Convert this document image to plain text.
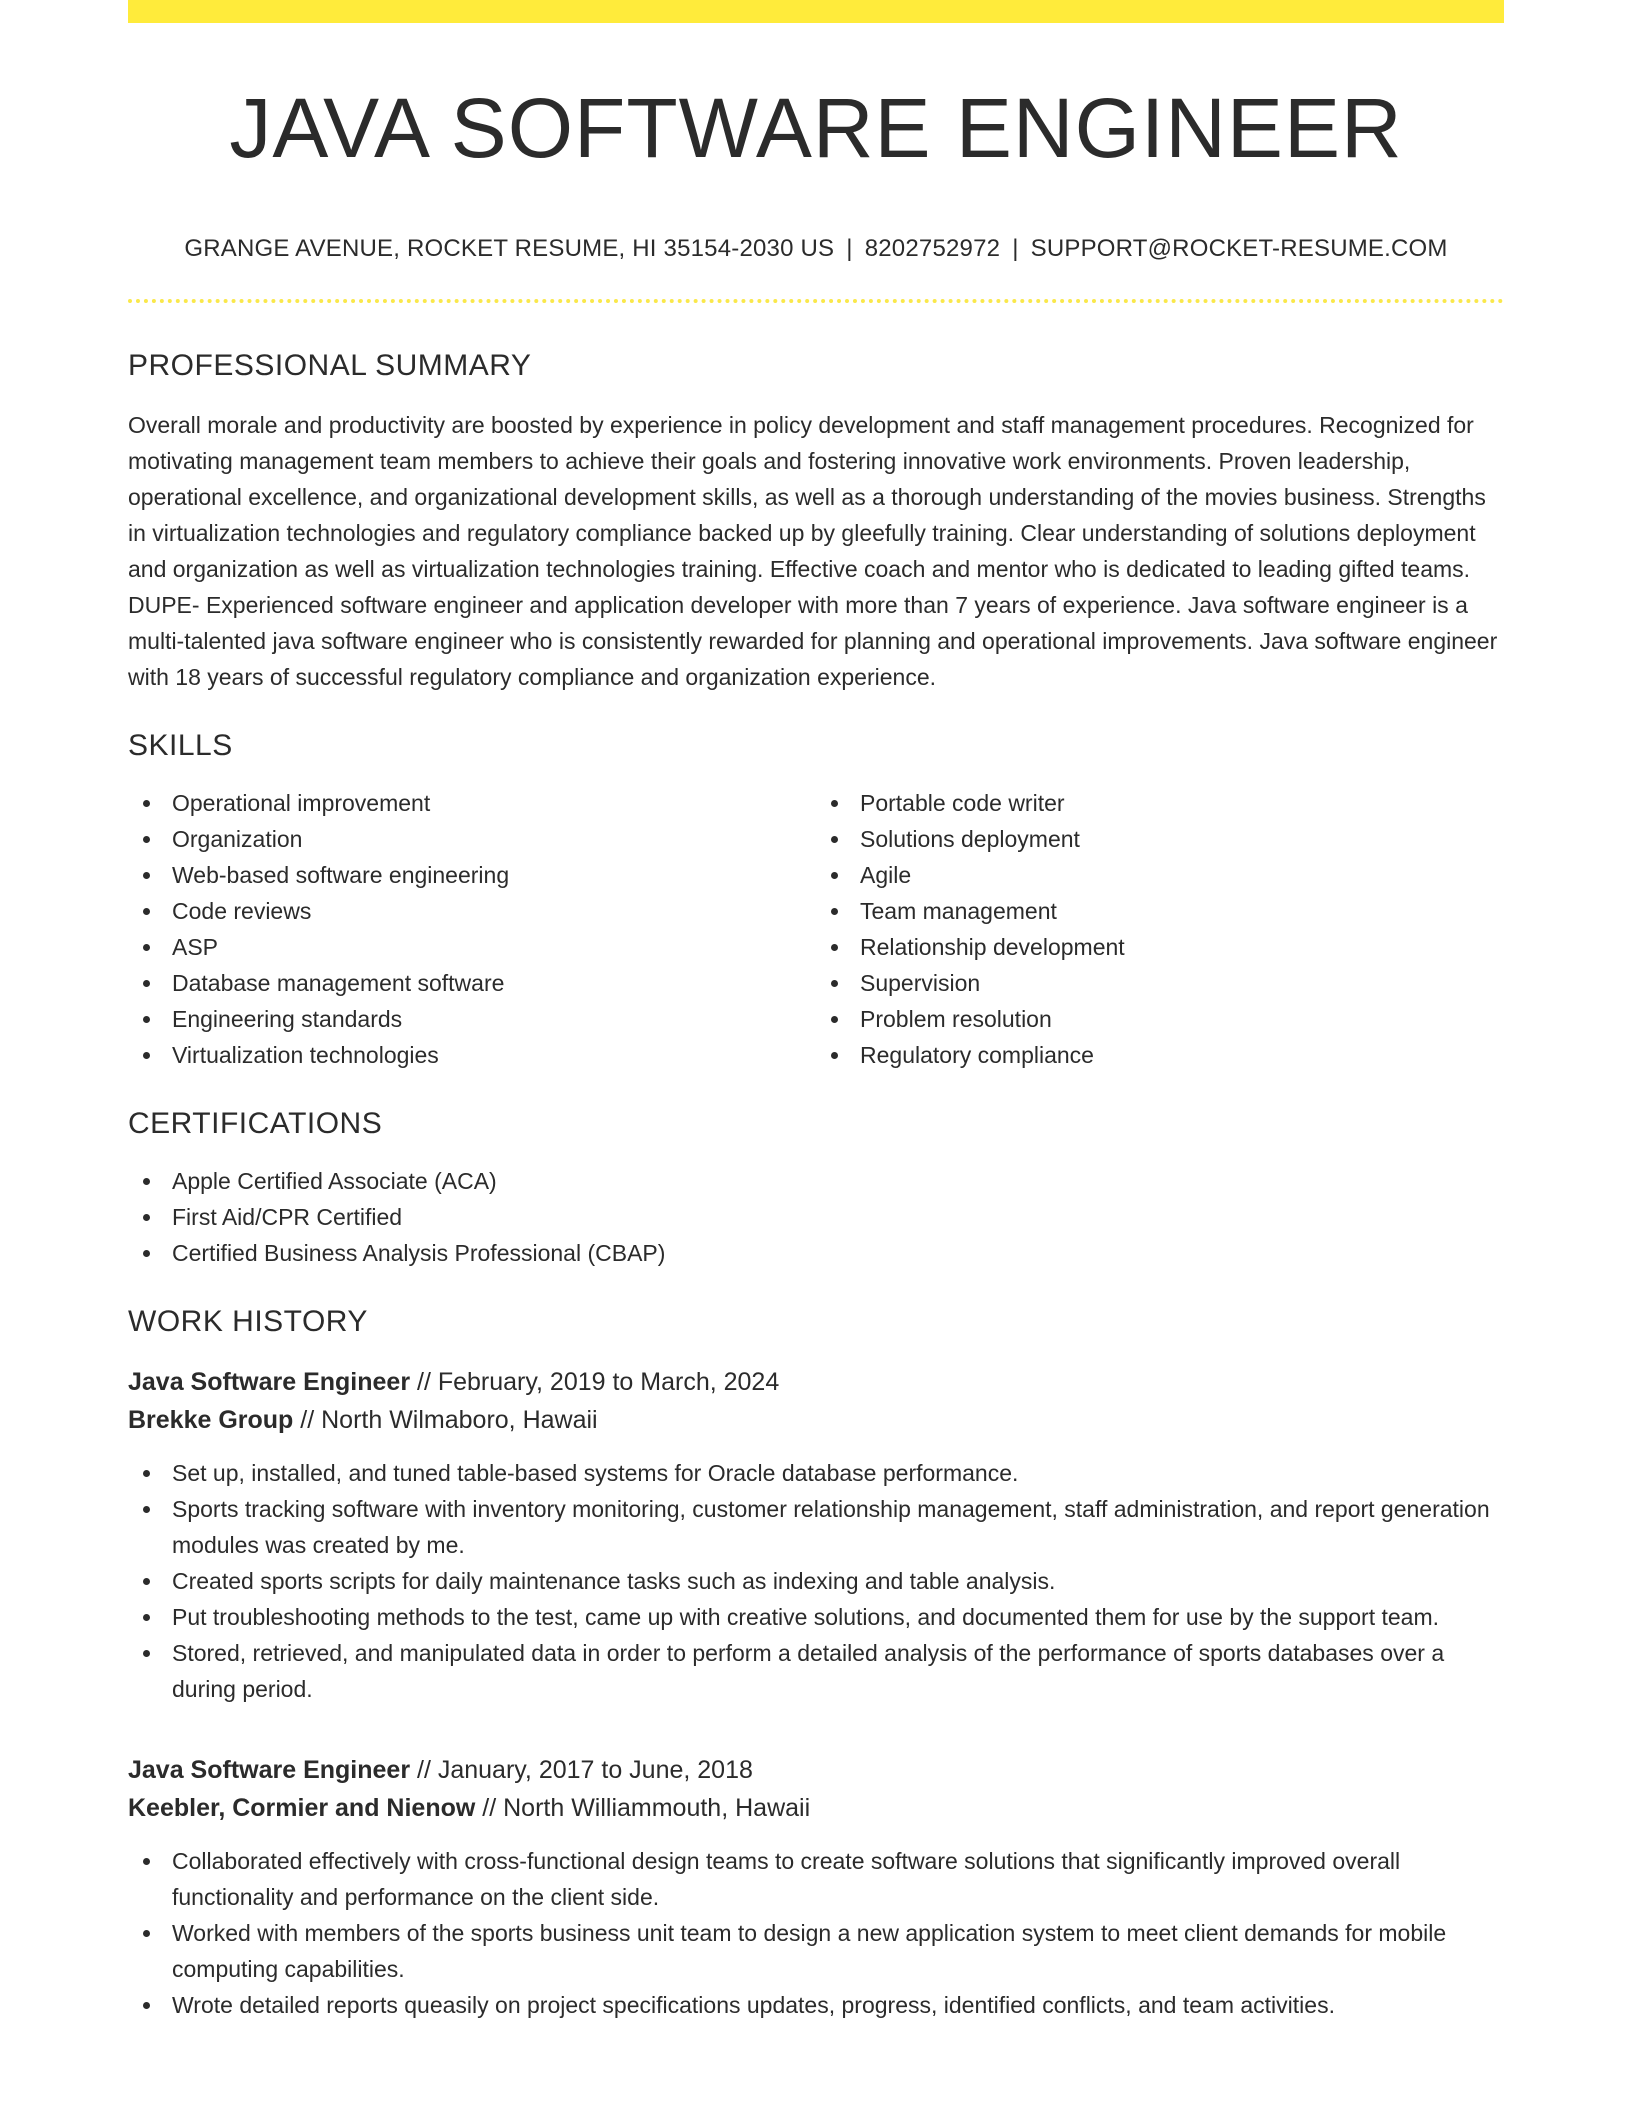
JAVA SOFTWARE ENGINEER
GRANGE AVENUE, ROCKET RESUME, HI 35154-2030 US | 8202752972 | SUPPORT@ROCKET-RESUME.COM
PROFESSIONAL SUMMARY

Overall morale and productivity are boosted by experience in policy development and staff management procedures. Recognized for motivating management team members to achieve their goals and fostering innovative work environments. Proven leadership, operational excellence, and organizational development skills, as well as a thorough understanding of the movies business. Strengths in virtualization technologies and regulatory compliance backed up by gleefully training. Clear understanding of solutions deployment and organization as well as virtualization technologies training. Effective coach and mentor who is dedicated to leading gifted teams. DUPE- Experienced software engineer and application developer with more than 7 years of experience. Java software engineer is a multi-talented java software engineer who is consistently rewarded for planning and operational improvements. Java software engineer with 18 years of successful regulatory compliance and organization experience.

SKILLS
Operational improvement
Organization
Web-based software engineering
Code reviews
ASP
Database management software
Engineering standards
Virtualization technologies
Portable code writer
Solutions deployment
Agile
Team management
Relationship development
Supervision
Problem resolution
Regulatory compliance
CERTIFICATIONS
Apple Certified Associate (ACA)
First Aid/CPR Certified
Certified Business Analysis Professional (CBAP)
WORK HISTORY
Java Software Engineer // February, 2019 to March, 2024
Brekke Group // North Wilmaboro, Hawaii
Set up, installed, and tuned table-based systems for Oracle database performance.
Sports tracking software with inventory monitoring, customer relationship management, staff administration, and report generation modules was created by me.
Created sports scripts for daily maintenance tasks such as indexing and table analysis.
Put troubleshooting methods to the test, came up with creative solutions, and documented them for use by the support team.
Stored, retrieved, and manipulated data in order to perform a detailed analysis of the performance of sports databases over a during period.
Java Software Engineer // January, 2017 to June, 2018
Keebler, Cormier and Nienow // North Williammouth, Hawaii
Collaborated effectively with cross-functional design teams to create software solutions that significantly improved overall functionality and performance on the client side.
Worked with members of the sports business unit team to design a new application system to meet client demands for mobile computing capabilities.
Wrote detailed reports queasily on project specifications updates, progress, identified conflicts, and team activities.
